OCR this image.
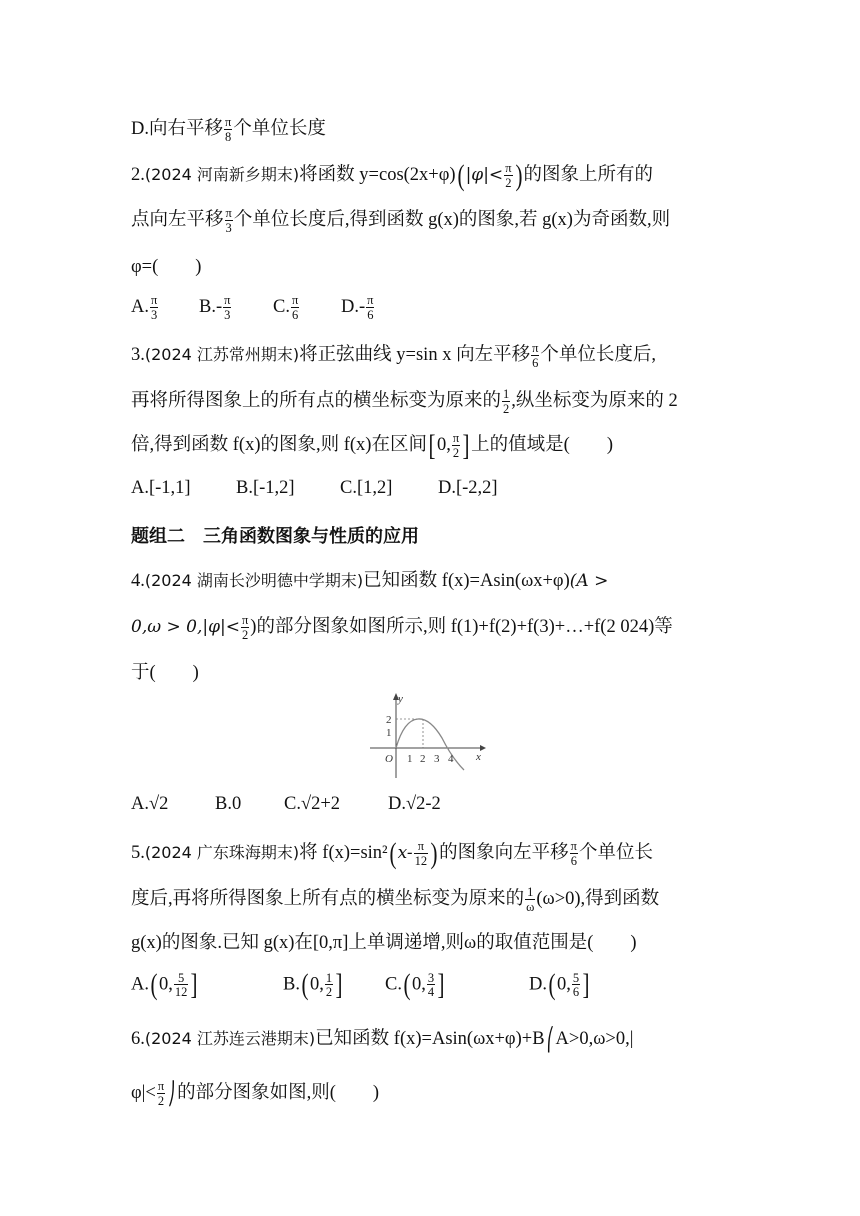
D.向右平移 $\frac{\pi}{8}$ 个单位长度
2.(2024 河南新乡期末)将函数 $y=\cos(2x+\varphi)(|\varphi|< \frac{\pi}{2}$ )的图象上所有的
点向左平移 $\frac{\pi}{3}$ 个单位长度后,得到函数 g(x)的图象,若 g(x)为奇函数,则
φ=(　　)
A. $\frac{\pi}{3} B.- \frac{\pi}{3} C$. $\frac{\pi}{6} D.- \frac{\pi}{6}$
3.(2024 江苏常州期末)将正弦曲线 y=sin x 向左平移 $\frac{\pi}{6}$ 个单位长度后,
再将所得图象上的所有点的横坐标变为原来的 $\frac{1}{2}$ ,纵坐标变为原来的 2
倍,得到函数 f(x)的图象,则 f(x)在区间[0, $\frac{\pi}{2}$ ]上的值域是(　　)
A.[-1,1] B.[-1,2] C.[1,2] D.[-2,2]
题组二　三角函数图象与性质的应用
4.(2024 湖南长沙明德中学期末)已知函数 f(x)=Asin(ωx+φ)(A >
$0,\omega > 0,|\varphi|< \frac{\pi}{2}$ )的部分图象如图所示,则 f(1)+f(2)+f(3)+…+f(2 024)等
于(　　)
y
x
O
2
1
1 2 3 4
A.√2	B.0 C.√2+2	D.√2-2
5.(2024 广东珠海期末)将 $f(x)=\sin^2(x- \frac{\pi}{12}$ )的图象向左平移 $\frac{\pi}{6}$ 个单位长
度后,再将所得图象上所有点的横坐标变为原来的 $\frac{1}{\omega} (\omega>0)$,得到函数
g(x)的图象.已知 g(x)在[0,π]上单调递增,则ω的取值范围是(　　)
A.(0, $\frac{5}{12}$ ]	B.(0, $\frac{1}{2}$ ] C.(0, $\frac{3}{4}$ ]	D.(0, $\frac{5}{6}$ ]
6.(2024 江苏连云港期末)已知函数 f(x)=Asin(ωx+φ)+B⎛A>0,ω>0,|
$\varphi|< \frac{\pi}{2}$ ⎠的部分图象如图,则(　　)
